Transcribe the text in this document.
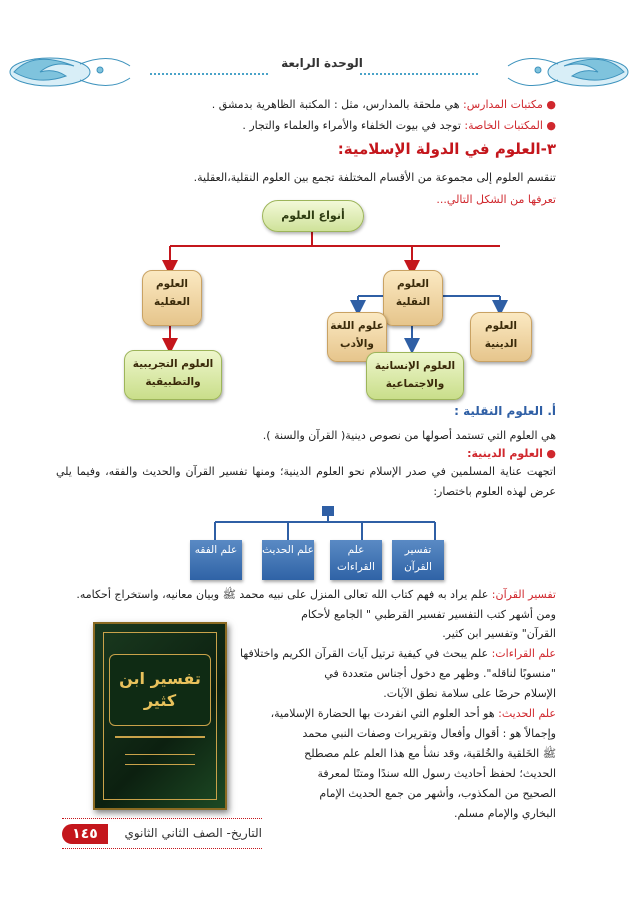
الوحدة الرابعة
● مكتبات المدارس: هي ملحقة بالمدارس، مثل : المكتبة الظاهرية بدمشق .
● المكتبات الخاصة: توجد في بيوت الخلفاء والأمراء والعلماء والتجار .
٣-العلوم في الدولة الإسلامية:
تنقسم العلوم إلى مجموعة من الأقسام المختلفة تجمع بين العلوم النقلية،العقلية.
تعرفها من الشكل التالي...
أنواع العلوم
العلوم العقلية
العلوم النقلية
العلوم الدينية
علوم اللغة والأدب
العلوم الإنسانية والاجتماعية
العلوم التجريبية والتطبيقية
أ. العلوم النقلية :
هي العلوم التي تستمد أصولها من نصوص دينية( القرآن والسنة ).
● العلوم الدينية:
اتجهت عناية المسلمين في صدر الإسلام نحو العلوم الدينية؛ ومنها تفسير القرآن والحديث والفقه، وفيما يلي عرض لهذه العلوم باختصار:
تفسير القرآن
علم القراءات
علم الحديث
علم الفقه
تفسير القرآن: علم يراد به فهم كتاب الله تعالى المنزل على نبيه محمد ﷺ وبيان معانيه، واستخراج أحكامه.
ومن أشهر كتب التفسير تفسير القرطبي " الجامع لأحكام
القرآن" وتفسير ابن كثير.
علم القراءات: علم يبحث في كيفية ترتيل آيات القرآن الكريم واختلافها
"منسوبًا لناقله". وظهر مع دخول أجناس متعددة في
الإسلام حرصًا على سلامة نطق الآيات.
علم الحديث: هو أحد العلوم التي انفردت بها الحضارة الإسلامية،
وإجمالاً هو : أقوال وأفعال وتقريرات وصفات النبي محمد
ﷺ الخَلقية والخُلقية، وقد نشأ مع هذا العلم علم مصطلح
الحديث؛ لحفظ أحاديث رسول الله سندًا ومتنًا لمعرفة
الصحيح من المكذوب، وأشهر من جمع الحديث الإمام
البخاري والإمام مسلم.
تفسير ابن كثير
١٤٥	التاريخ- الصف الثاني الثانوي
